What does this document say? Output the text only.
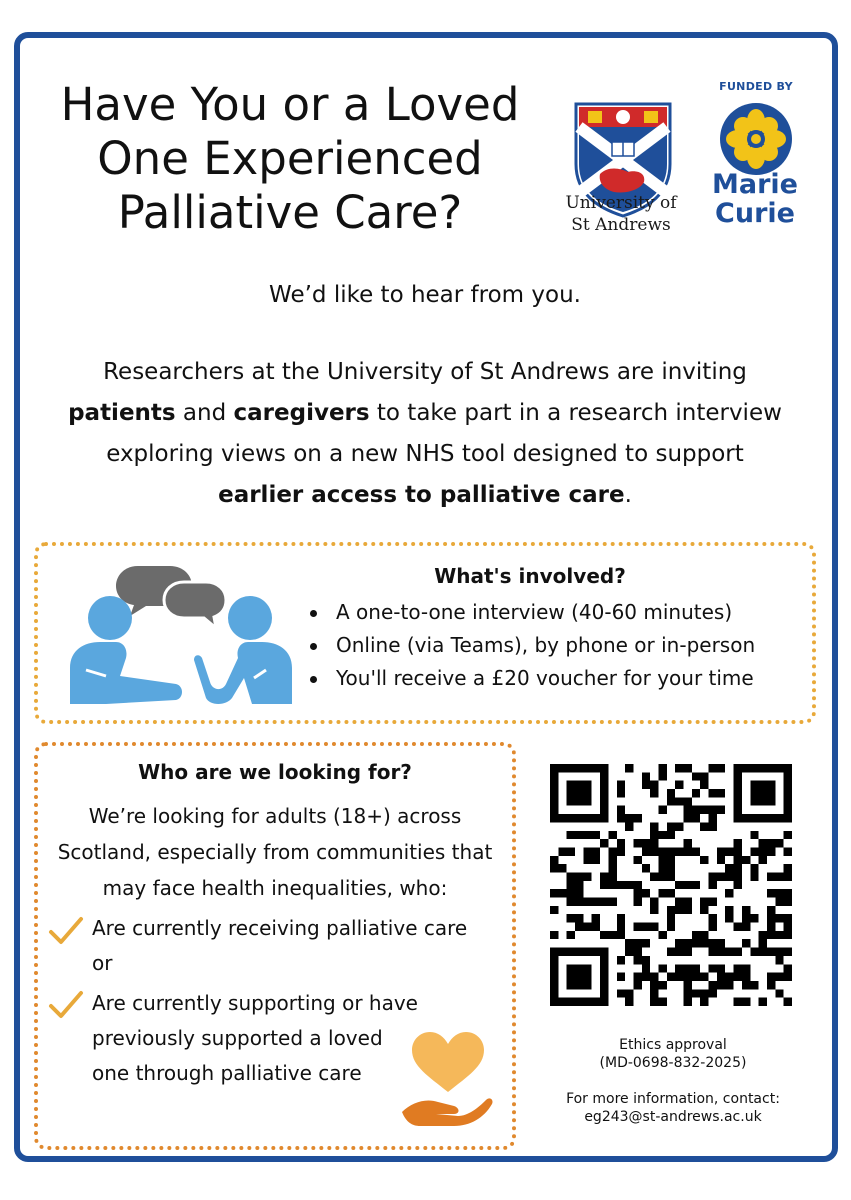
Have You or a Loved One Experienced Palliative Care?	University of
St Andrews
FUNDED BY
Marie
Curie
We’d like to hear from you.

Researchers at the University of St Andrews are inviting patients and caregivers to take part in a research interview exploring views on a new NHS tool designed to support earlier access to palliative care.

What's involved?
A one-to-one interview (40-60 minutes)
Online (via Teams), by phone or in-person
You'll receive a £20 voucher for your time
Who are we looking for?
We’re looking for adults (18+) across Scotland, especially from communities that may face health inequalities, who:
Are currently receiving palliative care
or
Are currently supporting or have
previously supported a loved
one through palliative care
Ethics approval
(MD-0698-832-2025)
For more information, contact:
eg243@st-andrews.ac.uk
